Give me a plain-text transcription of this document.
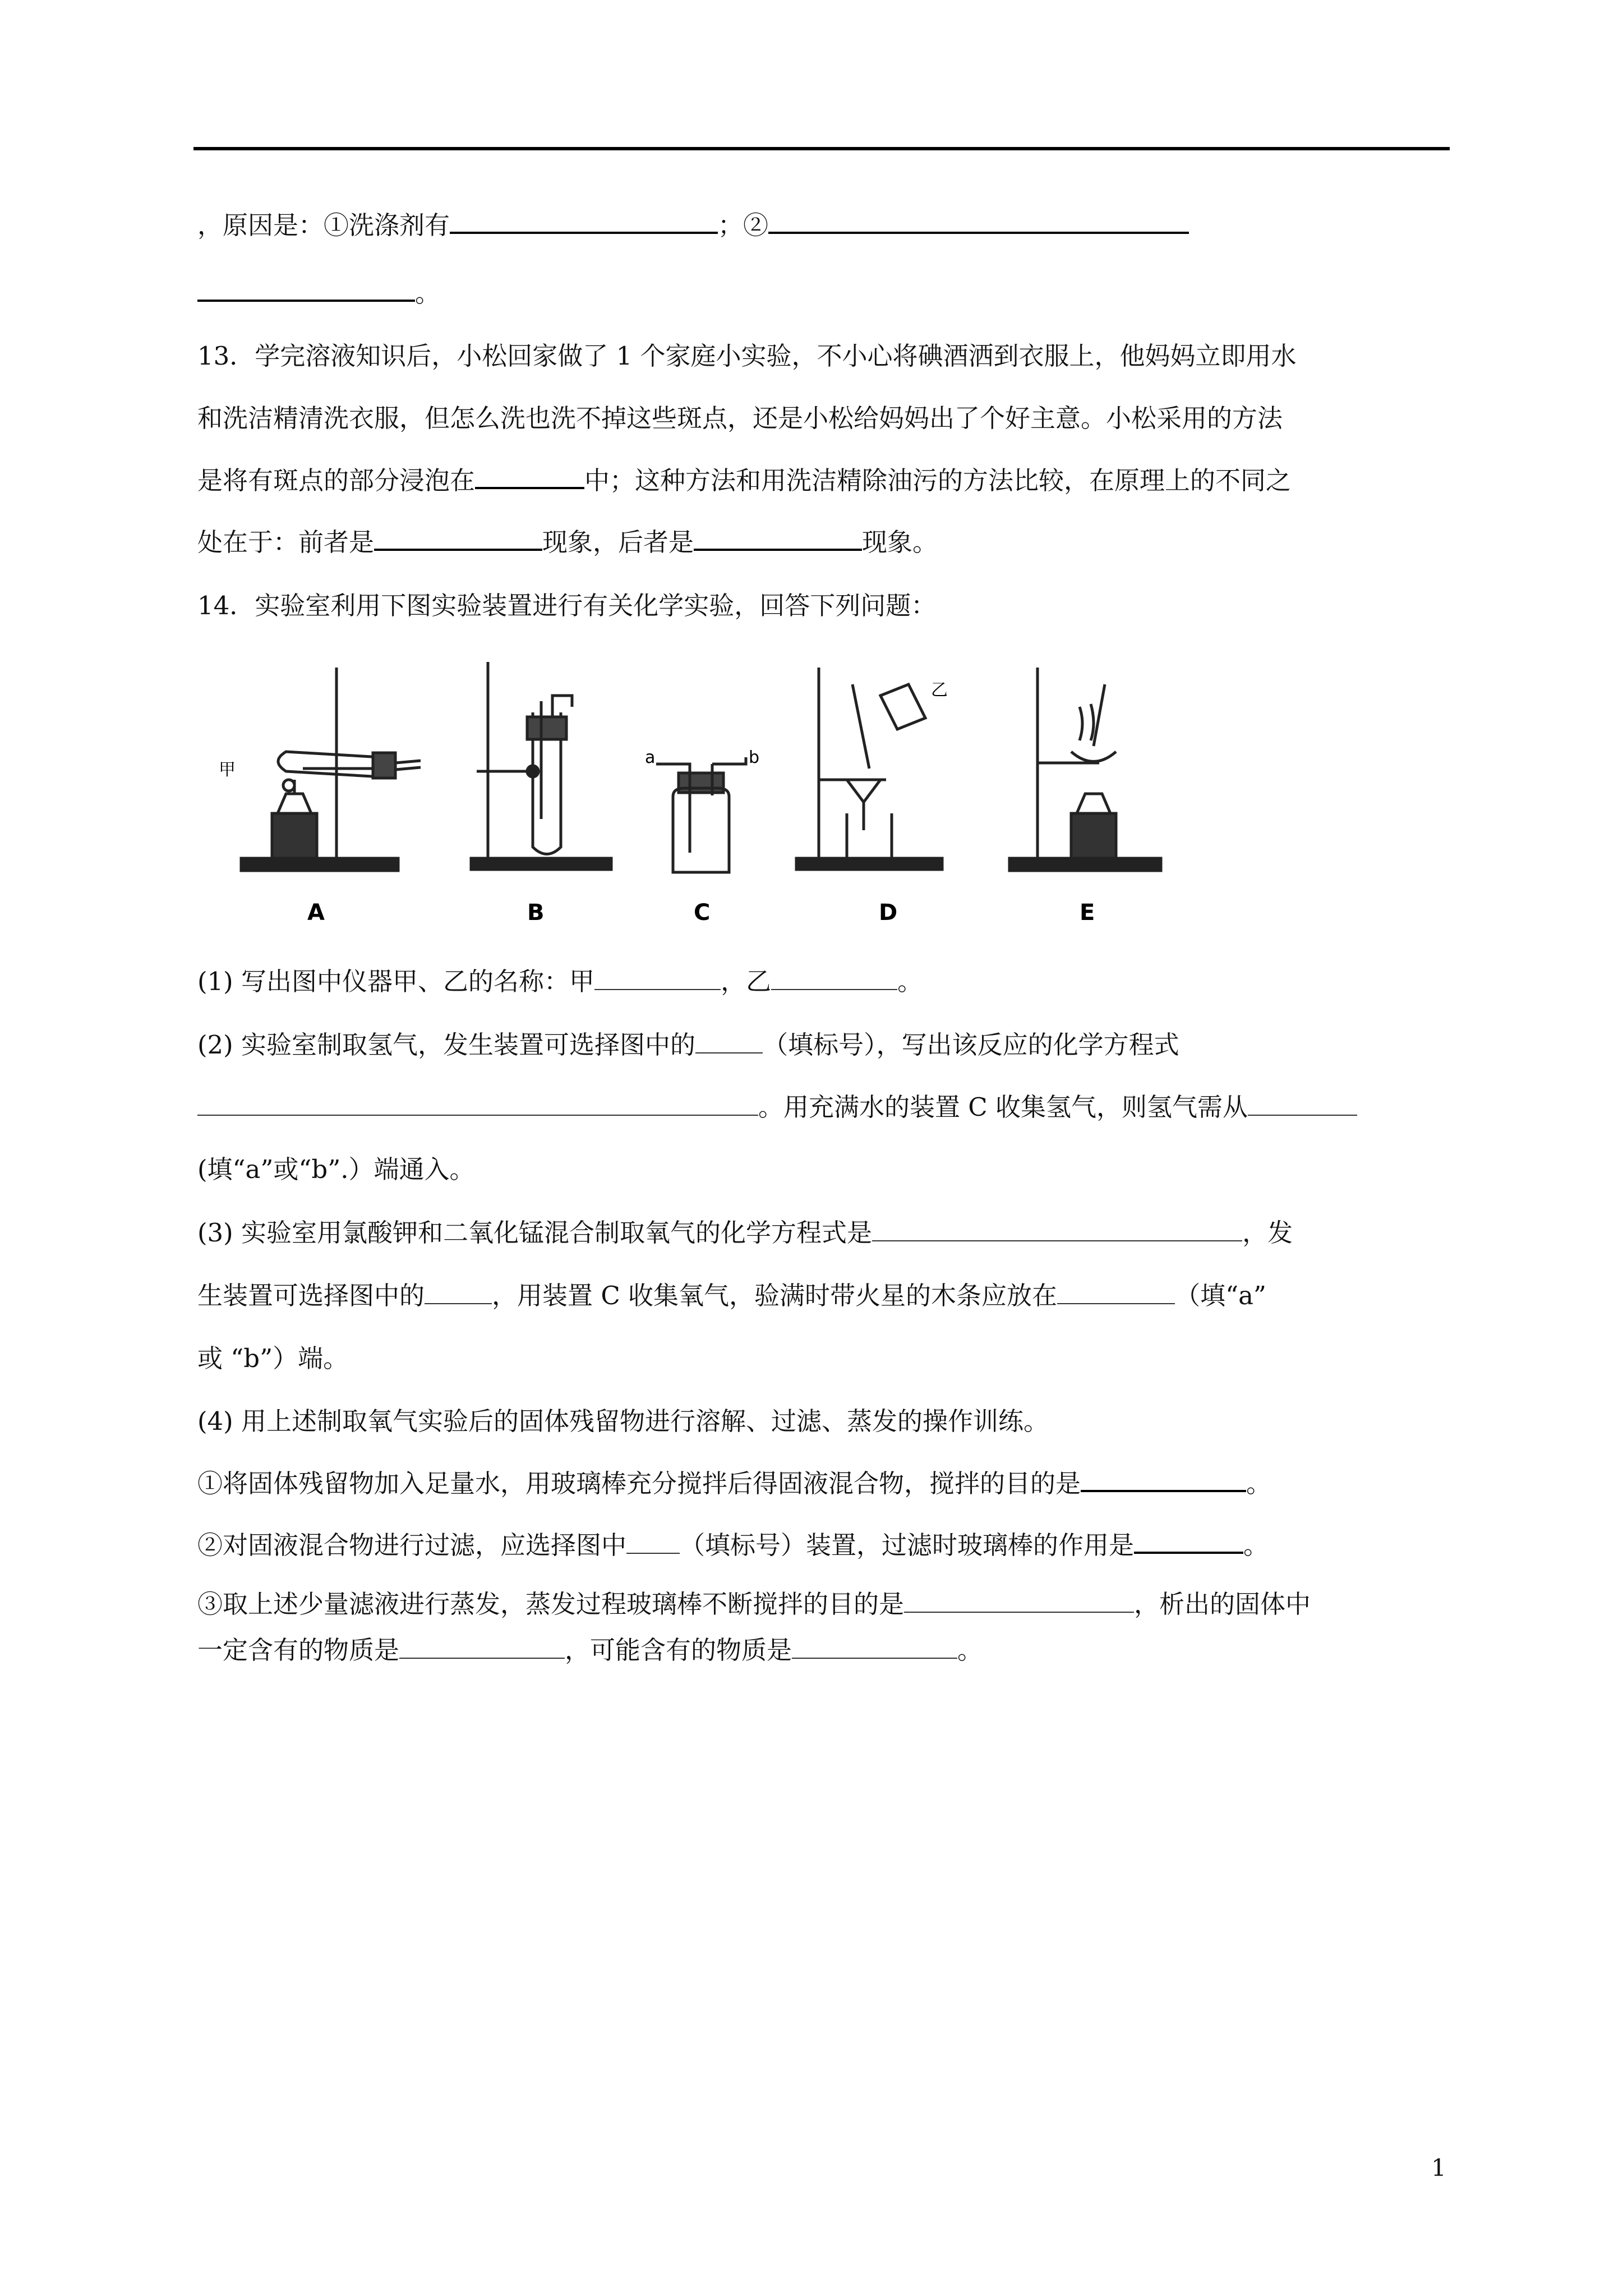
，原因是：①洗涤剂有	；②
。
13．学完溶液知识后，小松回家做了 1 个家庭小实验，不小心将碘酒洒到衣服上，他妈妈立即用水
和洗洁精清洗衣服，但怎么洗也洗不掉这些斑点，还是小松给妈妈出了个好主意。小松采用的方法
是将有斑点的部分浸泡在	中；这种方法和用洗洁精除油污的方法比较，在原理上的不同之
处在于：前者是	现象，后者是	现象。
14．实验室利用下图实验装置进行有关化学实验，回答下列问题：
甲
乙
a	b
A	B	C	D	E
(1) 写出图中仪器甲、乙的名称：甲	，乙	。
(2) 实验室制取氢气，发生装置可选择图中的	（填标号），写出该反应的化学方程式
。用充满水的装置 C 收集氢气，则氢气需从
(填“a”或“b”.）端通入。
(3) 实验室用氯酸钾和二氧化锰混合制取氧气的化学方程式是	，发
生装置可选择图中的	，用装置 C 收集氧气，验满时带火星的木条应放在	（填“a”
或 “b”）端。
(4) 用上述制取氧气实验后的固体残留物进行溶解、过滤、蒸发的操作训练。
①将固体残留物加入足量水，用玻璃棒充分搅拌后得固液混合物，搅拌的目的是	。
②对固液混合物进行过滤，应选择图中 （填标号）装置，过滤时玻璃棒的作用是	。
③取上述少量滤液进行蒸发，蒸发过程玻璃棒不断搅拌的目的是	，析出的固体中
一定含有的物质是	，可能含有的物质是	。
1
